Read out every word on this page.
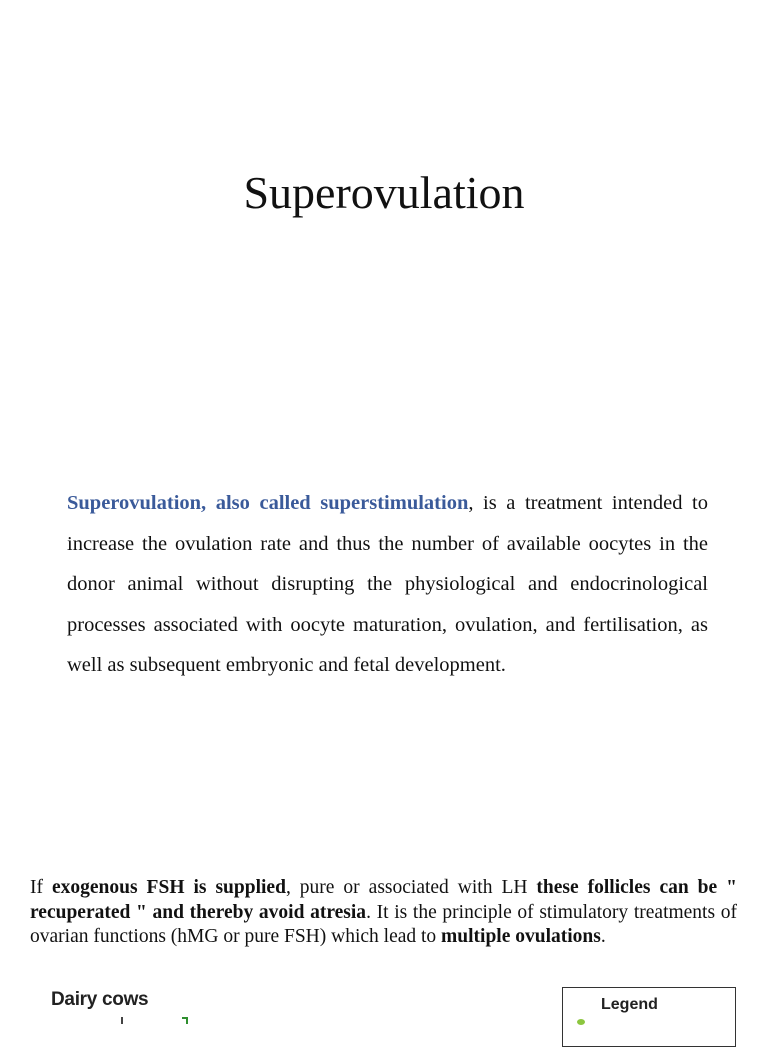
Superovulation

Superovulation, also called superstimulation, is a treatment intended to increase the ovulation rate and thus the number of available oocytes in the donor animal without disrupting the physiological and endocrinological processes associated with oocyte maturation, ovulation, and fertilisation, as well as subsequent embryonic and fetal development.

If exogenous FSH is supplied, pure or associated with LH these follicles can be " recuperated " and thereby avoid atresia. It is the principle of stimulatory treatments of ovarian functions (hMG or pure FSH) which lead to multiple ovulations.

Dairy cows	Legend
